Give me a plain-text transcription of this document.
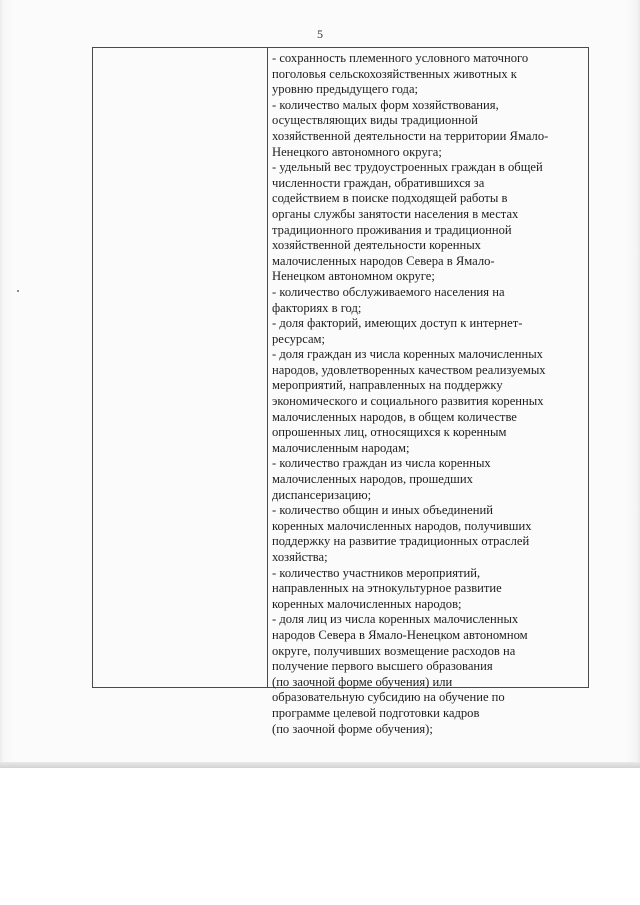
5
- сохранность племенного условного маточного
поголовья сельскохозяйственных животных к
уровню предыдущего года;
- количество малых форм хозяйствования,
осуществляющих виды традиционной
хозяйственной деятельности на территории Ямало-
Ненецкого автономного округа;
- удельный вес трудоустроенных граждан в общей
численности граждан, обратившихся за
содействием в поиске подходящей работы в
органы службы занятости населения в местах
традиционного проживания и традиционной
хозяйственной деятельности коренных
малочисленных народов Севера в Ямало-
Ненецком автономном округе;
- количество обслуживаемого населения на
факториях в год;
- доля факторий, имеющих доступ к интернет-
ресурсам;
- доля граждан из числа коренных малочисленных
народов, удовлетворенных качеством реализуемых
мероприятий, направленных на поддержку
экономического и социального развития коренных
малочисленных народов, в общем количестве
опрошенных лиц, относящихся к коренным
малочисленным народам;
- количество граждан из числа коренных
малочисленных народов, прошедших
диспансеризацию;
- количество общин и иных объединений
коренных малочисленных народов, получивших
поддержку на развитие традиционных отраслей
хозяйства;
- количество участников мероприятий,
направленных на этнокультурное развитие
коренных малочисленных народов;
- доля лиц из числа коренных малочисленных
народов Севера в Ямало-Ненецком автономном
округе, получивших возмещение расходов на
получение первого высшего образования
(по заочной форме обучения) или
образовательную субсидию на обучение по
программе целевой подготовки кадров
(по заочной форме обучения);
